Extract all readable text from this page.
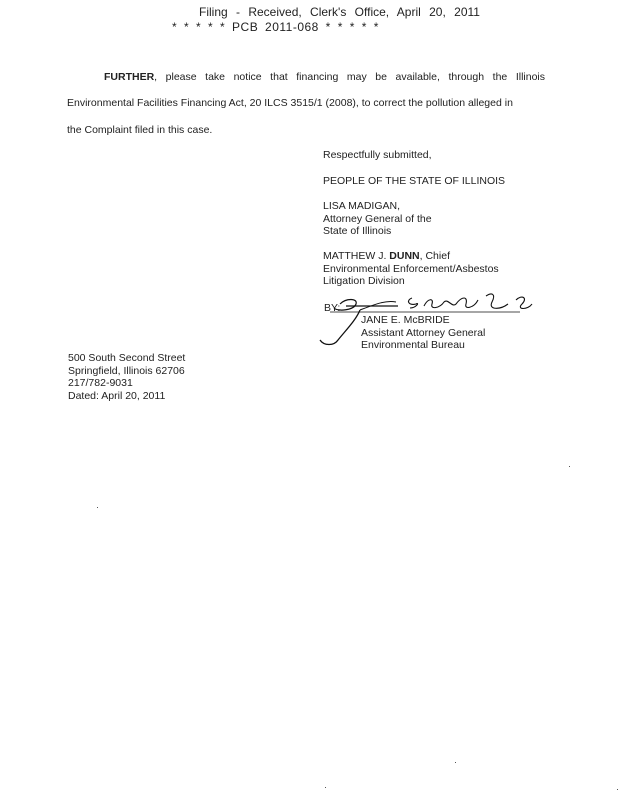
Filing - Received, Clerk's Office, April 20, 2011
* * * * * PCB 2011-068 * * * * *
FURTHER, please take notice that financing may be available, through the Illinois
Environmental Facilities Financing Act, 20 ILCS 3515/1 (2008), to correct the pollution alleged in
the Complaint filed in this case.
Respectfully submitted,
PEOPLE OF THE STATE OF ILLINOIS
LISA MADIGAN,
Attorney General of the
State of Illinois
MATTHEW J. DUNN, Chief
Environmental Enforcement/Asbestos
Litigation Division
BY:
JANE E. McBRIDE
Assistant Attorney General
Environmental Bureau
500 South Second Street
Springfield, Illinois 62706
217/782-9031
Dated: April 20, 2011
